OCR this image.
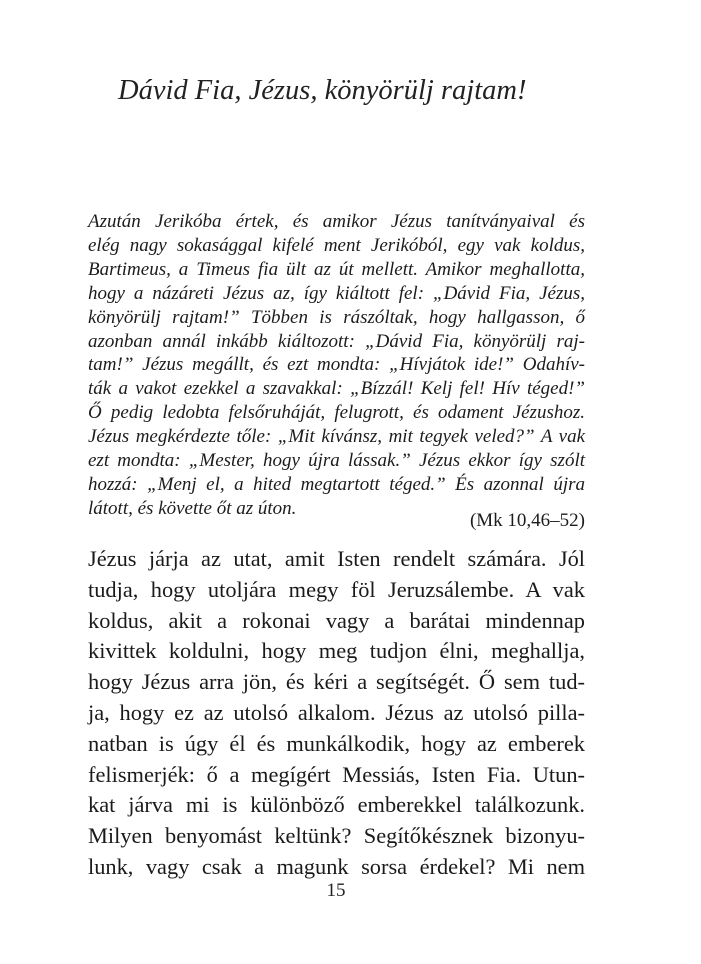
Dávid Fia, Jézus, könyörülj rajtam!
Azután Jerikóba értek, és amikor Jézus tanítványaival és
elég nagy sokasággal kifelé ment Jerikóból, egy vak koldus,
Bartimeus, a Timeus fia ült az út mellett. Amikor meghallotta,
hogy a názáreti Jézus az, így kiáltott fel: „Dávid Fia, Jézus,
könyörülj rajtam!” Többen is rászóltak, hogy hallgasson, ő
azonban annál inkább kiáltozott: „Dávid Fia, könyörülj raj-
tam!” Jézus megállt, és ezt mondta: „Hívjátok ide!” Odahív-
ták a vakot ezekkel a szavakkal: „Bízzál! Kelj fel! Hív téged!”
Ő pedig ledobta felsőruháját, felugrott, és odament Jézushoz.
Jézus megkérdezte tőle: „Mit kívánsz, mit tegyek veled?” A vak
ezt mondta: „Mester, hogy újra lássak.” Jézus ekkor így szólt
hozzá: „Menj el, a hited megtartott téged.” És azonnal újra
látott, és követte őt az úton.
(Mk 10,46–52)
Jézus járja az utat, amit Isten rendelt számára. Jól
tudja, hogy utoljára megy föl Jeruzsálembe. A vak
koldus, akit a rokonai vagy a barátai mindennap
kivittek koldulni, hogy meg tudjon élni, meghallja,
hogy Jézus arra jön, és kéri a segítségét. Ő sem tud-
ja, hogy ez az utolsó alkalom. Jézus az utolsó pilla-
natban is úgy él és munkálkodik, hogy az emberek
felismerjék: ő a megígért Messiás, Isten Fia. Utun-
kat járva mi is különböző emberekkel találkozunk.
Milyen benyomást keltünk? Segítőkésznek bizonyu-
lunk, vagy csak a magunk sorsa érdekel? Mi nem
15
